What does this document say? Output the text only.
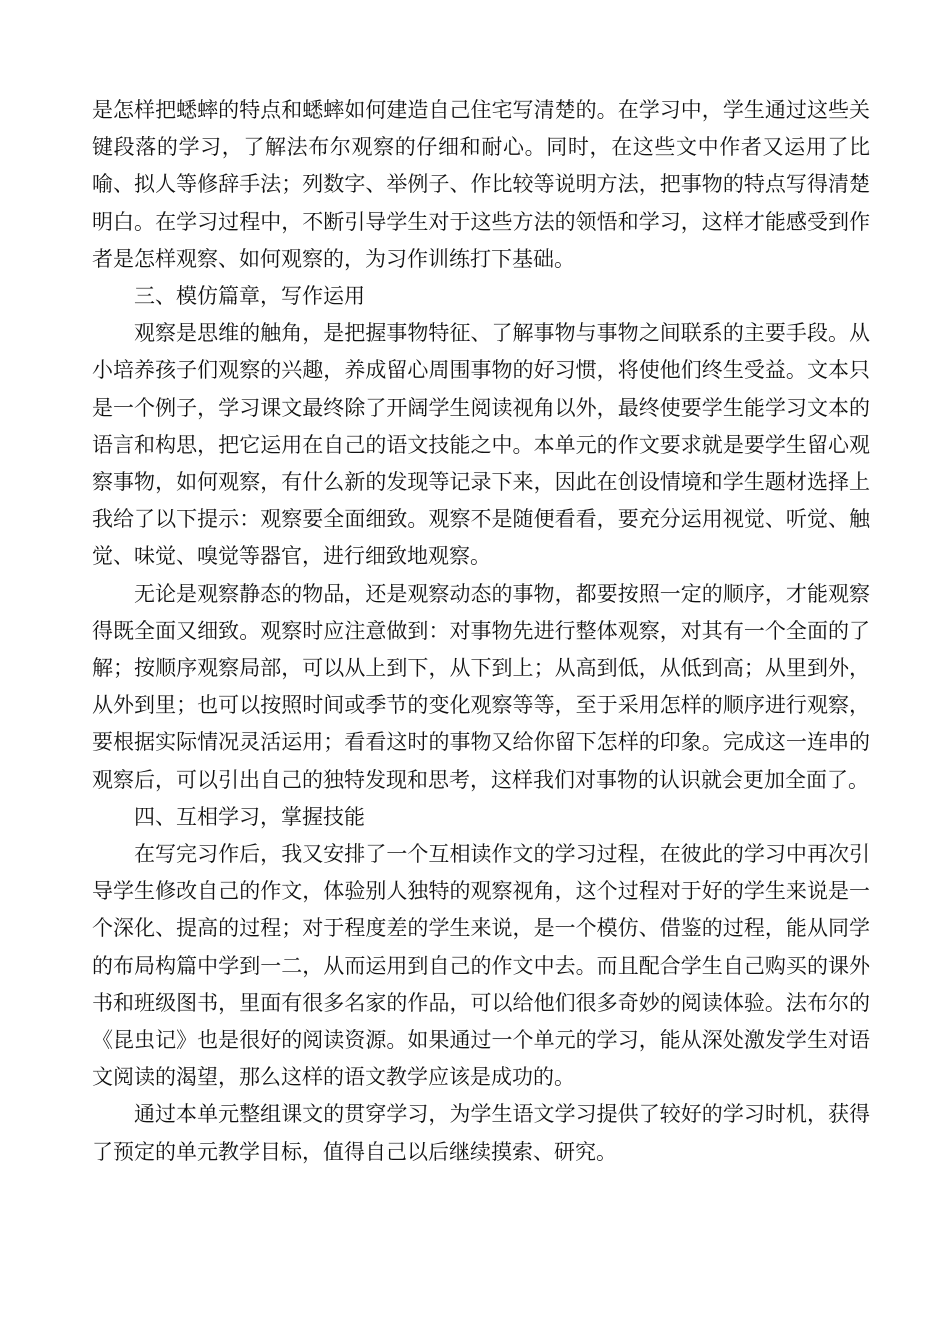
是怎样把蟋蟀的特点和蟋蟀如何建造自己住宅写清楚的。在学习中，学生通过这些关键段落的学习，了解法布尔观察的仔细和耐心。同时，在这些文中作者又运用了比喻、拟人等修辞手法；列数字、举例子、作比较等说明方法，把事物的特点写得清楚明白。在学习过程中，不断引导学生对于这些方法的领悟和学习，这样才能感受到作者是怎样观察、如何观察的，为习作训练打下基础。

三、模仿篇章，写作运用

观察是思维的触角，是把握事物特征、了解事物与事物之间联系的主要手段。从小培养孩子们观察的兴趣，养成留心周围事物的好习惯，将使他们终生受益。文本只是一个例子，学习课文最终除了开阔学生阅读视角以外，最终使要学生能学习文本的语言和构思，把它运用在自己的语文技能之中。本单元的作文要求就是要学生留心观察事物，如何观察，有什么新的发现等记录下来，因此在创设情境和学生题材选择上我给了以下提示：观察要全面细致。观察不是随便看看，要充分运用视觉、听觉、触觉、味觉、嗅觉等器官，进行细致地观察。

无论是观察静态的物品，还是观察动态的事物，都要按照一定的顺序，才能观察得既全面又细致。观察时应注意做到：对事物先进行整体观察，对其有一个全面的了解；按顺序观察局部，可以从上到下，从下到上；从高到低，从低到高；从里到外，从外到里；也可以按照时间或季节的变化观察等等，至于采用怎样的顺序进行观察，要根据实际情况灵活运用；看看这时的事物又给你留下怎样的印象。完成这一连串的观察后，可以引出自己的独特发现和思考，这样我们对事物的认识就会更加全面了。

四、互相学习，掌握技能

在写完习作后，我又安排了一个互相读作文的学习过程，在彼此的学习中再次引导学生修改自己的作文，体验别人独特的观察视角，这个过程对于好的学生来说是一个深化、提高的过程；对于程度差的学生来说，是一个模仿、借鉴的过程，能从同学的布局构篇中学到一二，从而运用到自己的作文中去。而且配合学生自己购买的课外书和班级图书，里面有很多名家的作品，可以给他们很多奇妙的阅读体验。法布尔的《昆虫记》也是很好的阅读资源。如果通过一个单元的学习，能从深处激发学生对语文阅读的渴望，那么这样的语文教学应该是成功的。

通过本单元整组课文的贯穿学习，为学生语文学习提供了较好的学习时机，获得了预定的单元教学目标，值得自己以后继续摸索、研究。
